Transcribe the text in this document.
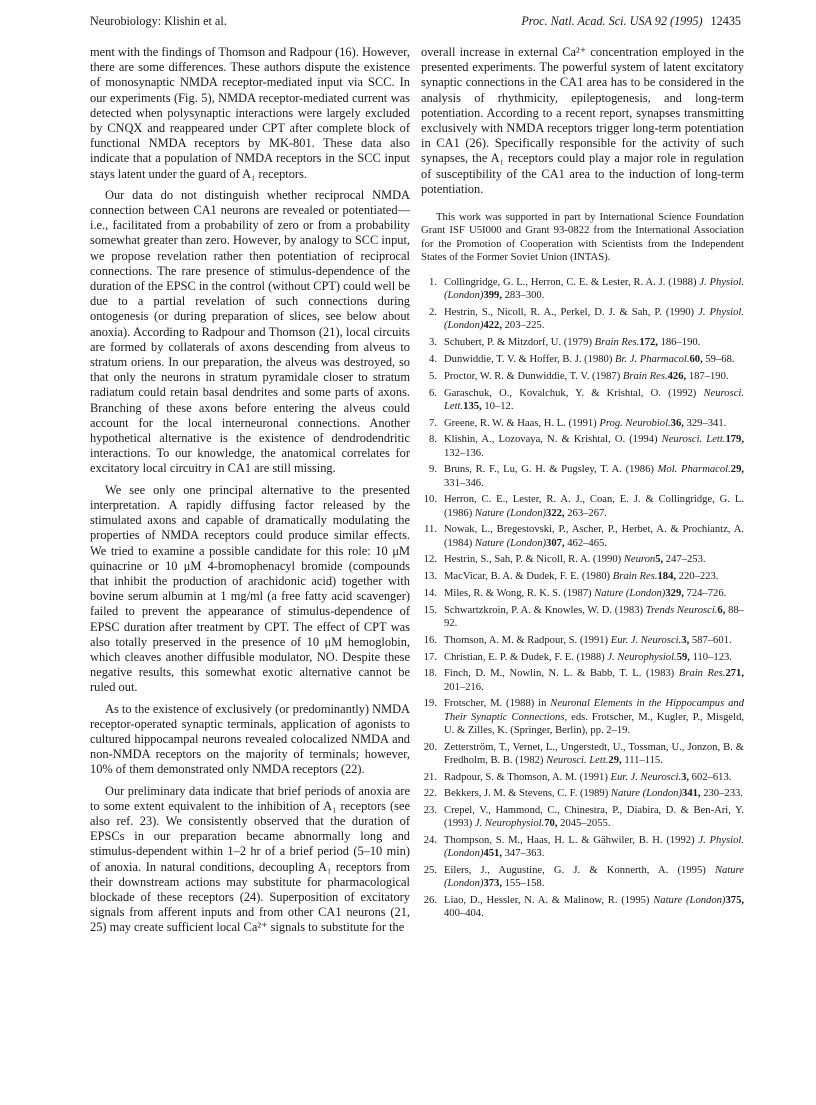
Neurobiology: Klishin et al.	Proc. Natl. Acad. Sci. USA 92 (1995) 12435

ment with the findings of Thomson and Radpour (16). However, there are some differences. These authors dispute the existence of monosynaptic NMDA receptor-mediated input via SCC. In our experiments (Fig. 5), NMDA receptor-mediated current was detected when polysynaptic interactions were largely excluded by CNQX and reappeared under CPT after complete block of functional NMDA receptors by MK-801. These data also indicate that a population of NMDA receptors in the SCC input stays latent under the guard of A₁ receptors.

Our data do not distinguish whether reciprocal NMDA connection between CA1 neurons are revealed or potentiated—i.e., facilitated from a probability of zero or from a probability somewhat greater than zero. However, by analogy to SCC input, we propose revelation rather then potentiation of reciprocal connections. The rare presence of stimulus-dependence of the duration of the EPSC in the control (without CPT) could well be due to a partial revelation of such connections during ontogenesis (or during preparation of slices, see below about anoxia). According to Radpour and Thomson (21), local circuits are formed by collaterals of axons descending from alveus to stratum oriens. In our preparation, the alveus was destroyed, so that only the neurons in stratum pyramidale closer to stratum radiatum could retain basal dendrites and some parts of axons. Branching of these axons before entering the alveus could account for the local interneuronal connections. Another hypothetical alternative is the existence of dendrodendritic interactions. To our knowledge, the anatomical correlates for excitatory local circuitry in CA1 are still missing.

We see only one principal alternative to the presented interpretation. A rapidly diffusing factor released by the stimulated axons and capable of dramatically modulating the properties of NMDA receptors could produce similar effects. We tried to examine a possible candidate for this role: 10 μM quinacrine or 10 μM 4-bromophenacyl bromide (compounds that inhibit the production of arachidonic acid) together with bovine serum albumin at 1 mg/ml (a free fatty acid scavenger) failed to prevent the appearance of stimulus-dependence of EPSC duration after treatment by CPT. The effect of CPT was also totally preserved in the presence of 10 μM hemoglobin, which cleaves another diffusible modulator, NO. Despite these negative results, this somewhat exotic alternative cannot be ruled out.

As to the existence of exclusively (or predominantly) NMDA receptor-operated synaptic terminals, application of agonists to cultured hippocampal neurons revealed colocalized NMDA and non-NMDA receptors on the majority of terminals; however, 10% of them demonstrated only NMDA receptors (22).

Our preliminary data indicate that brief periods of anoxia are to some extent equivalent to the inhibition of A₁ receptors (see also ref. 23). We consistently observed that the duration of EPSCs in our preparation became abnormally long and stimulus-dependent within 1–2 hr of a brief period (5–10 min) of anoxia. In natural conditions, decoupling A₁ receptors from their downstream actions may substitute for pharmacological blockade of these receptors (24). Superposition of excitatory signals from afferent inputs and from other CA1 neurons (21, 25) may create sufficient local Ca²⁺ signals to substitute for the

overall increase in external Ca²⁺ concentration employed in the presented experiments. The powerful system of latent excitatory synaptic connections in the CA1 area has to be considered in the analysis of rhythmicity, epileptogenesis, and long-term potentiation. According to a recent report, synapses transmitting exclusively with NMDA receptors trigger long-term potentiation in CA1 (26). Specifically responsible for the activity of such synapses, the A₁ receptors could play a major role in regulation of susceptibility of the CA1 area to the induction of long-term potentiation.

This work was supported in part by International Science Foundation Grant ISF U5I000 and Grant 93-0822 from the International Association for the Promotion of Cooperation with Scientists from the Independent States of the Former Soviet Union (INTAS).

1. Collingridge, G. L., Herron, C. E. & Lester, R. A. J. (1988) J. Physiol. (London)399, 283–300.
2. Hestrin, S., Nicoll, R. A., Perkel, D. J. & Sah, P. (1990) J. Physiol. (London)422, 203–225.
3. Schubert, P. & Mitzdorf, U. (1979) Brain Res.172, 186–190.
4. Dunwiddie, T. V. & Hoffer, B. J. (1980) Br. J. Pharmacol.60, 59–68.
5. Proctor, W. R. & Dunwiddie, T. V. (1987) Brain Res.426, 187–190.
6. Garaschuk, O., Kovalchuk, Y. & Krishtal, O. (1992) Neurosci. Lett.135, 10–12.
7. Greene, R. W. & Haas, H. L. (1991) Prog. Neurobiol.36, 329–341.
8. Klishin, A., Lozovaya, N. & Krishtal, O. (1994) Neurosci. Lett.179, 132–136.
9. Bruns, R. F., Lu, G. H. & Pugsley, T. A. (1986) Mol. Pharmacol.29, 331–346.
10. Herron, C. E., Lester, R. A. J., Coan, E. J. & Collingridge, G. L. (1986) Nature (London)322, 263–267.
11. Nowak, L., Bregestovski, P., Ascher, P., Herbet, A. & Prochiantz, A. (1984) Nature (London)307, 462–465.
12. Hestrin, S., Sah, P. & Nicoll, R. A. (1990) Neuron5, 247–253.
13. MacVicar, B. A. & Dudek, F. E. (1980) Brain Res.184, 220–223.
14. Miles, R. & Wong, R. K. S. (1987) Nature (London)329, 724–726.
15. Schwartzkroin, P. A. & Knowles, W. D. (1983) Trends Neurosci.6, 88–92.
16. Thomson, A. M. & Radpour, S. (1991) Eur. J. Neurosci.3, 587–601.
17. Christian, E. P. & Dudek, F. E. (1988) J. Neurophysiol.59, 110–123.
18. Finch, D. M., Nowlin, N. L. & Babb, T. L. (1983) Brain Res.271, 201–216.
19. Frotscher, M. (1988) in Neuronal Elements in the Hippocampus and Their Synaptic Connections, eds. Frotscher, M., Kugler, P., Misgeld, U. & Zilles, K. (Springer, Berlin), pp. 2–19.
20. Zetterström, T., Vernet, L., Ungerstedt, U., Tossman, U., Jonzon, B. & Fredholm, B. B. (1982) Neurosci. Lett.29, 111–115.
21. Radpour, S. & Thomson, A. M. (1991) Eur. J. Neurosci.3, 602–613.
22. Bekkers, J. M. & Stevens, C. F. (1989) Nature (London)341, 230–233.
23. Crepel, V., Hammond, C., Chinestra, P., Diabira, D. & Ben-Ari, Y. (1993) J. Neurophysiol.70, 2045–2055.
24. Thompson, S. M., Haas, H. L. & Gähwiler, B. H. (1992) J. Physiol. (London)451, 347–363.
25. Eilers, J., Augustine, G. J. & Konnerth, A. (1995) Nature (London)373, 155–158.
26. Liao, D., Hessler, N. A. & Malinow, R. (1995) Nature (London)375, 400–404.
